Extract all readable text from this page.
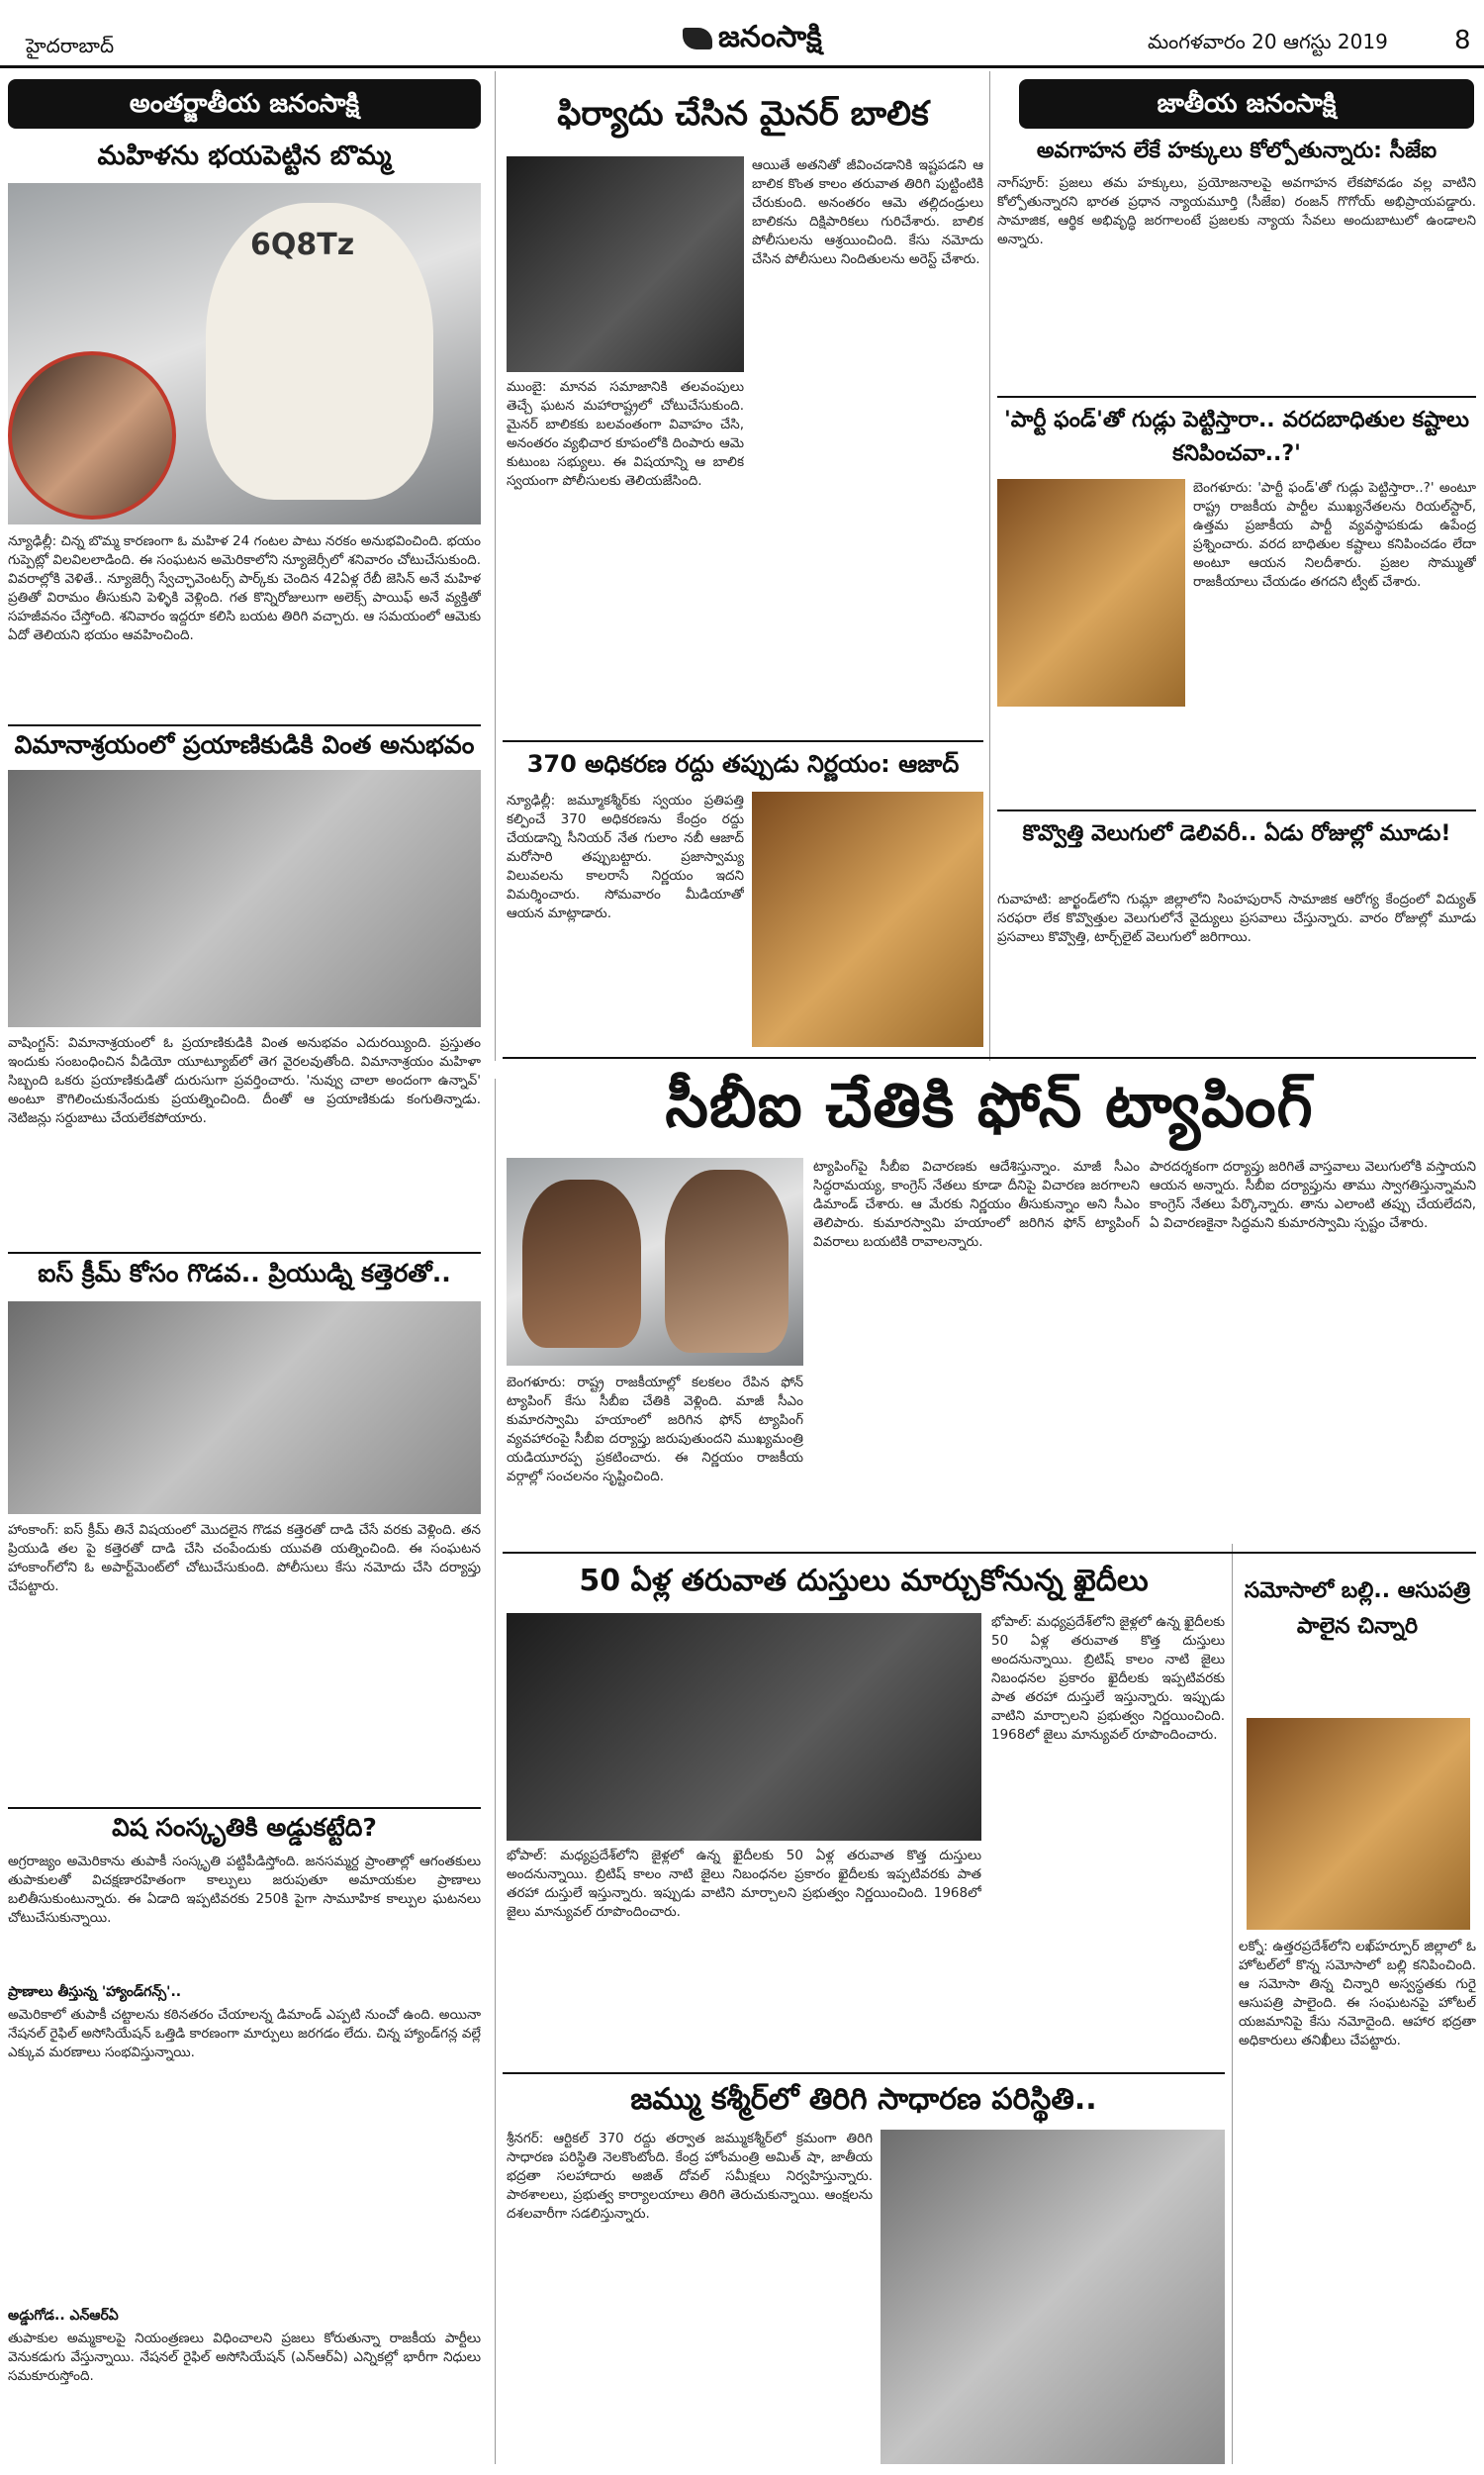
హైదరాబాద్	జనంసాక్షి	మంగళవారం 20 ఆగస్టు 2019	8
అంతర్జాతీయ జనంసాక్షి
మహిళను భయపెట్టిన బొమ్మ
6Q8Tz
న్యూఢిల్లీ: చిన్న బొమ్మ కారణంగా ఓ మహిళ 24 గంటల పాటు నరకం అనుభవించింది. భయం గుప్పెట్లో విలవిలలాడింది. ఈ సంఘటన అమెరికాలోని న్యూజెర్సీలో శనివారం చోటుచేసుకుంది. వివరాల్లోకి వెళితే.. న్యూజెర్సీ స్వేచ్ఛావెంటర్స్ పార్క్‌కు చెందిన 42ఏళ్ల రేబీ జెసిన్ అనే మహిళ ప్రతితో విరామం తీసుకుని పెళ్ళికి వెళ్లింది. గత కొన్నిరోజులుగా అలెక్స్ పాయిఫ్ అనే వ్యక్తితో సహజీవనం చేస్తోంది. శనివారం ఇద్దరూ కలిసి బయట తిరిగి వచ్చారు. ఆ సమయంలో ఆమెకు ఏదో తెలియని భయం ఆవహించింది.
విమానాశ్రయంలో ప్రయాణికుడికి వింత అనుభవం
వాషింగ్టన్: విమానాశ్రయంలో ఓ ప్రయాణికుడికి వింత అనుభవం ఎదురయ్యింది. ప్రస్తుతం ఇందుకు సంబంధించిన వీడియో యూట్యూబ్‌లో తెగ వైరలవుతోంది. విమానాశ్రయం మహిళా సిబ్బంది ఒకరు ప్రయాణికుడితో దురుసుగా ప్రవర్తించారు. 'నువ్వు చాలా అందంగా ఉన్నావ్' అంటూ కౌగిలించుకునేందుకు ప్రయత్నించింది. దీంతో ఆ ప్రయాణికుడు కంగుతిన్నాడు. నెటిజన్లు సర్దుబాటు చేయలేకపోయారు.
ఐస్ క్రీమ్ కోసం గొడవ.. ప్రియుడ్ని కత్తెరతో..
హాంకాంగ్: ఐస్ క్రీమ్ తినే విషయంలో మొదలైన గొడవ కత్తెరతో దాడి చేసే వరకు వెళ్లింది. తన ప్రియుడి తల పై కత్తెరతో దాడి చేసి చంపేందుకు యువతి యత్నించింది. ఈ సంఘటన హాంకాంగ్‌లోని ఓ అపార్ట్‌మెంట్‌లో చోటుచేసుకుంది. పోలీసులు కేసు నమోదు చేసి దర్యాప్తు చేపట్టారు.
విష సంస్కృతికి అడ్డుకట్టేది?
అగ్రరాజ్యం అమెరికాను తుపాకీ సంస్కృతి పట్టిపీడిస్తోంది. జనసమ్మర్ద ప్రాంతాల్లో ఆగంతకులు తుపాకులతో విచక్షణారహితంగా కాల్పులు జరుపుతూ అమాయకుల ప్రాణాలు బలితీసుకుంటున్నారు. ఈ ఏడాది ఇప్పటివరకు 250కి పైగా సామూహిక కాల్పుల ఘటనలు చోటుచేసుకున్నాయి.
ప్రాణాలు తీస్తున్న 'హ్యాండ్‌గన్స్'..
అమెరికాలో తుపాకీ చట్టాలను కఠినతరం చేయాలన్న డిమాండ్ ఎప్పటి నుంచో ఉంది. అయినా నేషనల్ రైఫిల్ అసోసియేషన్ ఒత్తిడి కారణంగా మార్పులు జరగడం లేదు. చిన్న హ్యాండ్‌గన్ల వల్లే ఎక్కువ మరణాలు సంభవిస్తున్నాయి.
అడ్డుగోడ.. ఎన్‌ఆర్‌ఏ
తుపాకుల అమ్మకాలపై నియంత్రణలు విధించాలని ప్రజలు కోరుతున్నా రాజకీయ పార్టీలు వెనుకడుగు వేస్తున్నాయి. నేషనల్ రైఫిల్ అసోసియేషన్ (ఎన్‌ఆర్‌ఏ) ఎన్నికల్లో భారీగా నిధులు సమకూరుస్తోంది.
ఫిర్యాదు చేసిన మైనర్ బాలిక
ముంబై: మానవ సమాజానికి తలవంపులు తెచ్చే ఘటన మహారాష్ట్రలో చోటుచేసుకుంది. మైనర్ బాలికకు బలవంతంగా వివాహం చేసి, అనంతరం వ్యభిచార కూపంలోకి దింపారు ఆమె కుటుంబ సభ్యులు. ఈ విషయాన్ని ఆ బాలిక స్వయంగా పోలీసులకు తెలియజేసింది.
ఆయితే అతనితో జీవించడానికి ఇష్టపడని ఆ బాలిక కొంత కాలం తరువాత తిరిగి పుట్టింటికి చేరుకుంది. అనంతరం ఆమె తల్లిదండ్రులు బాలికను దిక్షిపారికలు గురిచేశారు. బాలిక పోలీసులను ఆశ్రయించింది. కేసు నమోదు చేసిన పోలీసులు నిందితులను అరెస్ట్ చేశారు.
370 అధికరణ రద్దు తప్పుడు నిర్ణయం: ఆజాద్
న్యూఢిల్లీ: జమ్మూకశ్మీర్‌కు స్వయం ప్రతిపత్తి కల్పించే 370 అధికరణను కేంద్రం రద్దు చేయడాన్ని సీనియర్ నేత గులాం నబీ ఆజాద్ మరోసారి తప్పుబట్టారు. ప్రజాస్వామ్య విలువలను కాలరాసే నిర్ణయం ఇదని విమర్శించారు. సోమవారం మీడియాతో ఆయన మాట్లాడారు.
జాతీయ జనంసాక్షి
అవగాహన లేకే హక్కులు కోల్పోతున్నారు: సీజేఐ
నాగ్‌పూర్: ప్రజలు తమ హక్కులు, ప్రయోజనాలపై అవగాహన లేకపోవడం వల్ల వాటిని కోల్పోతున్నారని భారత ప్రధాన న్యాయమూర్తి (సీజేఐ) రంజన్ గొగోయ్ అభిప్రాయపడ్డారు. సామాజిక, ఆర్థిక అభివృద్ధి జరగాలంటే ప్రజలకు న్యాయ సేవలు అందుబాటులో ఉండాలని అన్నారు.
'పార్టీ ఫండ్'తో గుడ్లు పెట్టిస్తారా.. వరదబాధితుల కష్టాలు కనిపించవా..?'
బెంగళూరు: 'పార్టీ ఫండ్'తో గుడ్లు పెట్టిస్తారా..?' అంటూ రాష్ట్ర రాజకీయ పార్టీల ముఖ్యనేతలను రియల్‌స్టార్, ఉత్తమ ప్రజాకీయ పార్టీ వ్యవస్థాపకుడు ఉపేంద్ర ప్రశ్నించారు. వరద బాధితుల కష్టాలు కనిపించడం లేదా అంటూ ఆయన నిలదీశారు. ప్రజల సొమ్ముతో రాజకీయాలు చేయడం తగదని ట్వీట్ చేశారు.
కొవ్వొత్తి వెలుగులో డెలివరీ.. ఏడు రోజుల్లో మూడు!
గువాహటి: జార్ఖండ్‌లోని గుమ్లా జిల్లాలోని సింహపురాన్ సామాజిక ఆరోగ్య కేంద్రంలో విద్యుత్ సరఫరా లేక కొవ్వొత్తుల వెలుగులోనే వైద్యులు ప్రసవాలు చేస్తున్నారు. వారం రోజుల్లో మూడు ప్రసవాలు కొవ్వొత్తి, టార్చ్‌లైట్ వెలుగులో జరిగాయి.
సీబీఐ చేతికి ఫోన్ ట్యాపింగ్
బెంగళూరు: రాష్ట్ర రాజకీయాల్లో కలకలం రేపిన ఫోన్ ట్యాపింగ్ కేసు సీబీఐ చేతికి వెళ్లింది. మాజీ సీఎం కుమారస్వామి హయాంలో జరిగిన ఫోన్ ట్యాపింగ్ వ్యవహారంపై సీబీఐ దర్యాప్తు జరుపుతుందని ముఖ్యమంత్రి యడియూరప్ప ప్రకటించారు. ఈ నిర్ణయం రాజకీయ వర్గాల్లో సంచలనం సృష్టించింది.
ట్యాపింగ్‌పై సీబీఐ విచారణకు ఆదేశిస్తున్నాం. మాజీ సీఎం సిద్ధరామయ్య, కాంగ్రెస్ నేతలు కూడా దీనిపై విచారణ జరగాలని డిమాండ్ చేశారు. ఆ మేరకు నిర్ణయం తీసుకున్నాం అని సీఎం తెలిపారు. కుమారస్వామి హయాంలో జరిగిన ఫోన్ ట్యాపింగ్ వివరాలు బయటికి రావాలన్నారు.
పారదర్శకంగా దర్యాప్తు జరిగితే వాస్తవాలు వెలుగులోకి వస్తాయని ఆయన అన్నారు. సీబీఐ దర్యాప్తును తాము స్వాగతిస్తున్నామని కాంగ్రెస్ నేతలు పేర్కొన్నారు. తాను ఎలాంటి తప్పు చేయలేదని, ఏ విచారణకైనా సిద్ధమని కుమారస్వామి స్పష్టం చేశారు.
50 ఏళ్ల తరువాత దుస్తులు మార్చుకోనున్న ఖైదీలు
భోపాల్: మధ్యప్రదేశ్‌లోని జైళ్లలో ఉన్న ఖైదీలకు 50 ఏళ్ల తరువాత కొత్త దుస్తులు అందనున్నాయి. బ్రిటిష్ కాలం నాటి జైలు నిబంధనల ప్రకారం ఖైదీలకు ఇప్పటివరకు పాత తరహా దుస్తులే ఇస్తున్నారు. ఇప్పుడు వాటిని మార్చాలని ప్రభుత్వం నిర్ణయించింది. 1968లో జైలు మాన్యువల్ రూపొందించారు.
భోపాల్: మధ్యప్రదేశ్‌లోని జైళ్లలో ఉన్న ఖైదీలకు 50 ఏళ్ల తరువాత కొత్త దుస్తులు అందనున్నాయి. బ్రిటిష్ కాలం నాటి జైలు నిబంధనల ప్రకారం ఖైదీలకు ఇప్పటివరకు పాత తరహా దుస్తులే ఇస్తున్నారు. ఇప్పుడు వాటిని మార్చాలని ప్రభుత్వం నిర్ణయించింది. 1968లో జైలు మాన్యువల్ రూపొందించారు.
జమ్ము కశ్మీర్‌లో తిరిగి సాధారణ పరిస్థితి..
శ్రీనగర్: ఆర్టికల్ 370 రద్దు తర్వాత జమ్ముకశ్మీర్‌లో క్రమంగా తిరిగి సాధారణ పరిస్థితి నెలకొంటోంది. కేంద్ర హోంమంత్రి అమిత్ షా, జాతీయ భద్రతా సలహాదారు అజిత్ దోవల్ సమీక్షలు నిర్వహిస్తున్నారు. పాఠశాలలు, ప్రభుత్వ కార్యాలయాలు తిరిగి తెరుచుకున్నాయి. ఆంక్షలను దశలవారీగా సడలిస్తున్నారు.
సమోసాలో బల్లి.. ఆసుపత్రి పాలైన చిన్నారి
లక్నో: ఉత్తరప్రదేశ్‌లోని లఖ్‌హర్పూర్ జిల్లాలో ఓ హోటల్‌లో కొన్న సమోసాలో బల్లి కనిపించింది. ఆ సమోసా తిన్న చిన్నారి అస్వస్థతకు గురై ఆసుపత్రి పాలైంది. ఈ సంఘటనపై హోటల్ యజమానిపై కేసు నమోదైంది. ఆహార భద్రతా అధికారులు తనిఖీలు చేపట్టారు.
